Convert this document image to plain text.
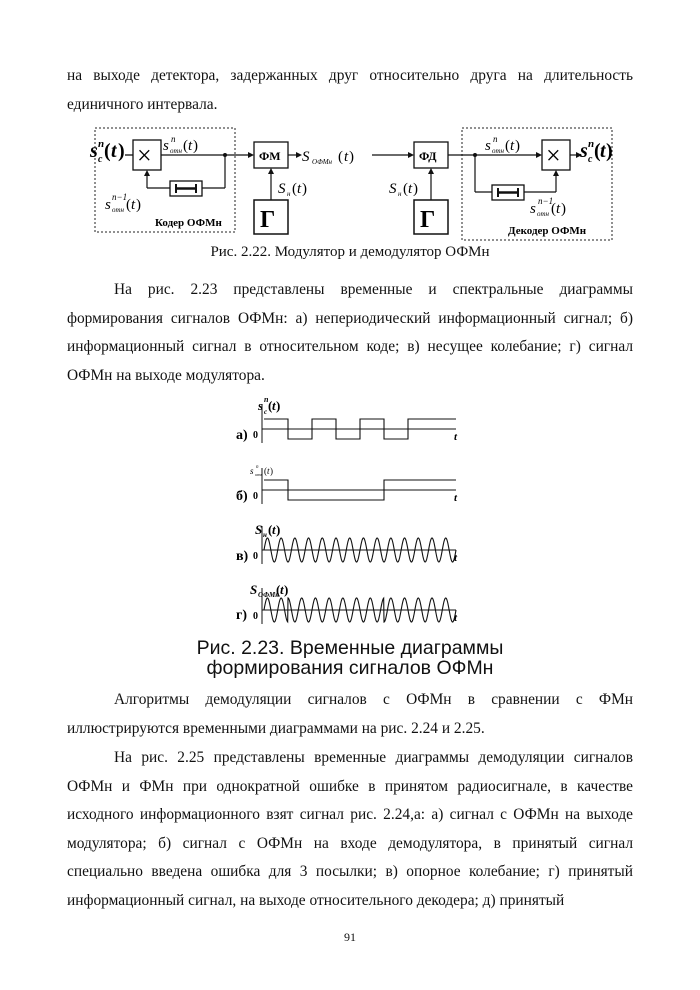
на выходе детектора, задержанных друг относительно друга на длительность единичного интервала.

s c
n ( t ) × s отн
n ( t )
s отн
n−1
( t )
Кодер ОФМн
ФМ S ОФМн ( t )
Г
S н ( t )
ФД
Г
S н ( t )
s отн
n ( t ) × s c
n ( t )
s отн
n−1
( t )
Декодер ОФМн

Рис. 2.22. Модулятор и демодулятор ОФМн

На рис. 2.23 представлены временные и спектральные диаграммы формирования сигналов ОФМн: а) непериодический информационный сигнал; б) информационный сигнал в относительном коде; в) несущее колебание; г) сигнал ОФМн на выходе модулятора.

а)
б)
в)
г)
s c
n ( t )
s отн
n ( t )
S н ( t )
S ОФМн
( t )
0	t
0	t
0	t
0	t
Рис. 2.23. Временные диаграммы
формирования сигналов ОФМн

Алгоритмы демодуляции сигналов с ОФМн в сравнении с ФМн иллюстрируются временными диаграммами на рис. 2.24 и 2.25.

На рис. 2.25 представлены временные диаграммы демодуляции сигналов ОФМн и ФМн при однократной ошибке в принятом радиосигнале, в качестве исходного информационного взят сигнал рис. 2.24,а: а) сигнал с ОФМн на выходе модулятора; б) сигнал с ОФМн на входе демодулятора, в принятый сигнал специально введена ошибка для 3 посылки; в) опорное колебание; г) принятый информационный сигнал, на выходе относительного декодера; д) принятый

91
